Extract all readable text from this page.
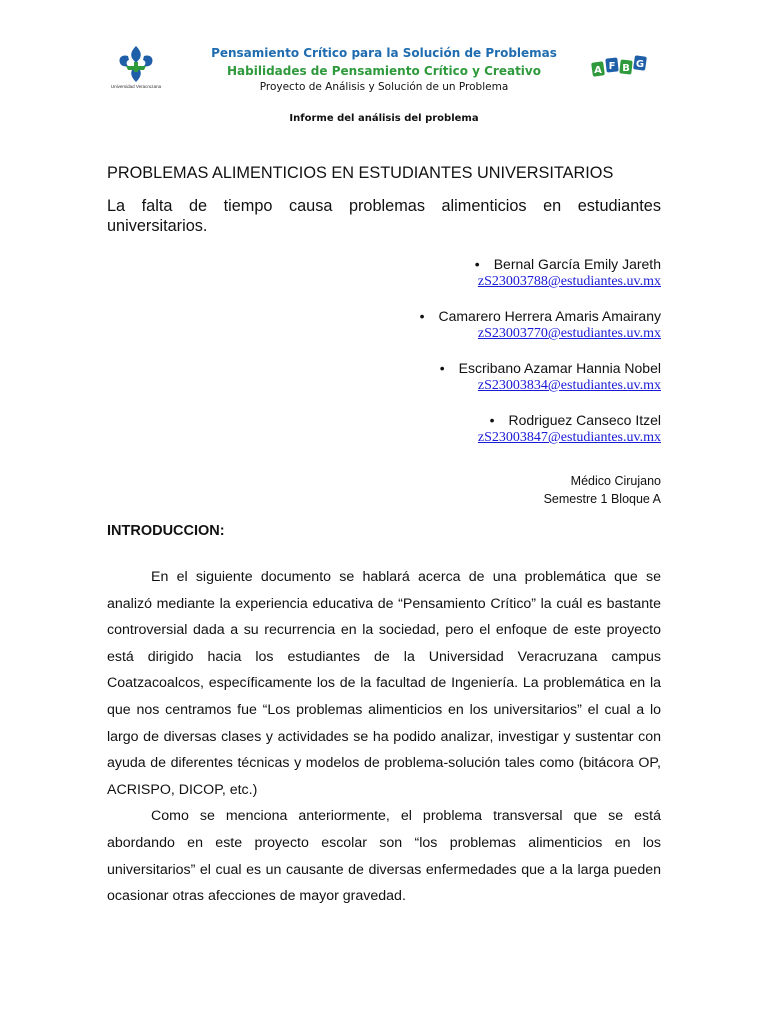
Universidad Veracruzana
Pensamiento Crítico para la Solución de Problemas
Habilidades de Pensamiento Crítico y Creativo
Proyecto de Análisis y Solución de un Problema
A F B G
Informe del análisis del problema
PROBLEMAS ALIMENTICIOS EN ESTUDIANTES UNIVERSITARIOS
La falta de tiempo causa problemas alimenticios en estudiantes universitarios.
• Bernal García Emily Jareth
zS23003788@estudiantes.uv.mx
• Camarero Herrera Amaris Amairany
zS23003770@estudiantes.uv.mx
• Escribano Azamar Hannia Nobel
zS23003834@estudiantes.uv.mx
• Rodriguez Canseco Itzel
zS23003847@estudiantes.uv.mx
Médico Cirujano
Semestre 1 Bloque A
INTRODUCCION:

En el siguiente documento se hablará acerca de una problemática que se analizó mediante la experiencia educativa de “Pensamiento Crítico” la cuál es bastante controversial dada a su recurrencia en la sociedad, pero el enfoque de este proyecto está dirigido hacia los estudiantes de la Universidad Veracruzana campus Coatzacoalcos, específicamente los de la facultad de Ingeniería. La problemática en la que nos centramos fue “Los problemas alimenticios en los universitarios” el cual a lo largo de diversas clases y actividades se ha podido analizar, investigar y sustentar con ayuda de diferentes técnicas y modelos de problema-solución tales como (bitácora OP, ACRISPO, DICOP, etc.)

Como se menciona anteriormente, el problema transversal que se está abordando en este proyecto escolar son “los problemas alimenticios en los universitarios” el cual es un causante de diversas enfermedades que a la larga pueden ocasionar otras afecciones de mayor gravedad.
